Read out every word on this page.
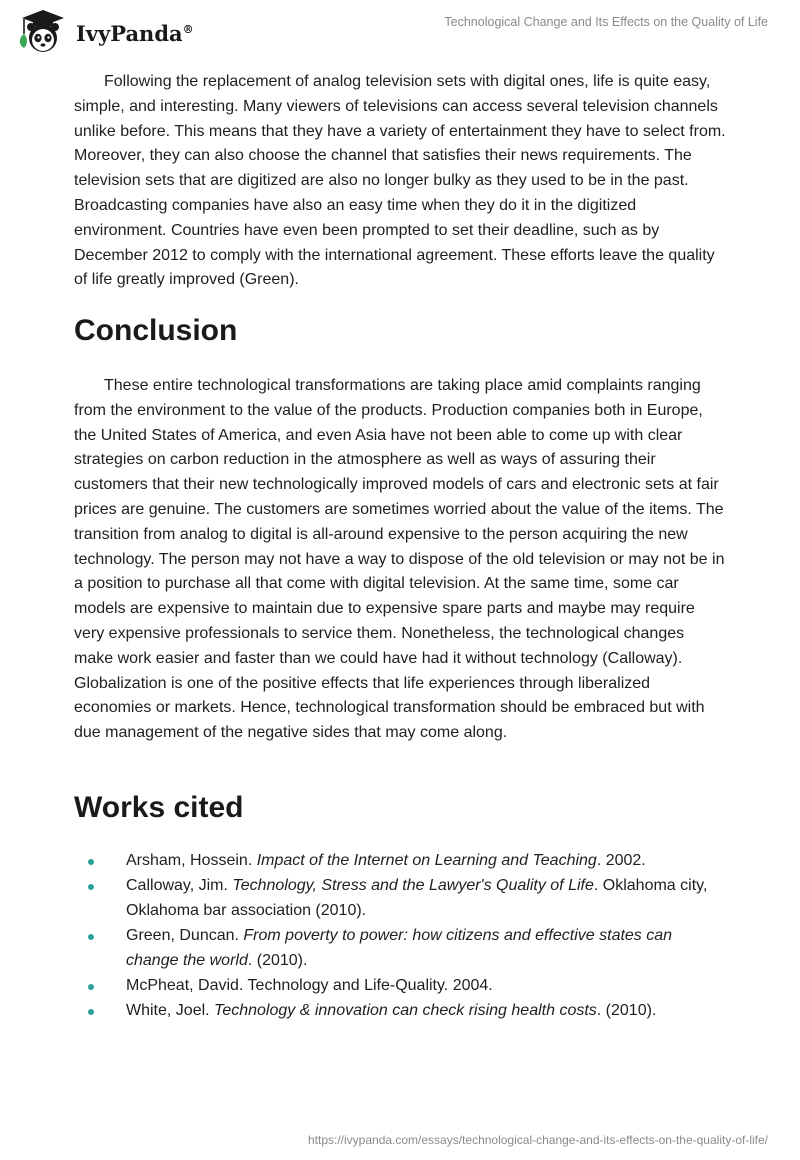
IvyPanda®	Technological Change and Its Effects on the Quality of Life

Following the replacement of analog television sets with digital ones, life is quite easy, simple, and interesting. Many viewers of televisions can access several television channels unlike before. This means that they have a variety of entertainment they have to select from. Moreover, they can also choose the channel that satisfies their news requirements. The television sets that are digitized are also no longer bulky as they used to be in the past. Broadcasting companies have also an easy time when they do it in the digitized environment. Countries have even been prompted to set their deadline, such as by December 2012 to comply with the international agreement. These efforts leave the quality of life greatly improved (Green).

Conclusion

These entire technological transformations are taking place amid complaints ranging from the environment to the value of the products. Production companies both in Europe, the United States of America, and even Asia have not been able to come up with clear strategies on carbon reduction in the atmosphere as well as ways of assuring their customers that their new technologically improved models of cars and electronic sets at fair prices are genuine. The customers are sometimes worried about the value of the items. The transition from analog to digital is all-around expensive to the person acquiring the new technology. The person may not have a way to dispose of the old television or may not be in a position to purchase all that come with digital television. At the same time, some car models are expensive to maintain due to expensive spare parts and maybe may require very expensive professionals to service them. Nonetheless, the technological changes make work easier and faster than we could have had it without technology (Calloway). Globalization is one of the positive effects that life experiences through liberalized economies or markets. Hence, technological transformation should be embraced but with due management of the negative sides that may come along.

Works cited
Arsham, Hossein. Impact of the Internet on Learning and Teaching. 2002.
Calloway, Jim. Technology, Stress and the Lawyer's Quality of Life. Oklahoma city, Oklahoma bar association (2010).
Green, Duncan. From poverty to power: how citizens and effective states can change the world. (2010).
McPheat, David. Technology and Life-Quality. 2004.
White, Joel. Technology & innovation can check rising health costs. (2010).
https://ivypanda.com/essays/technological-change-and-its-effects-on-the-quality-of-life/
